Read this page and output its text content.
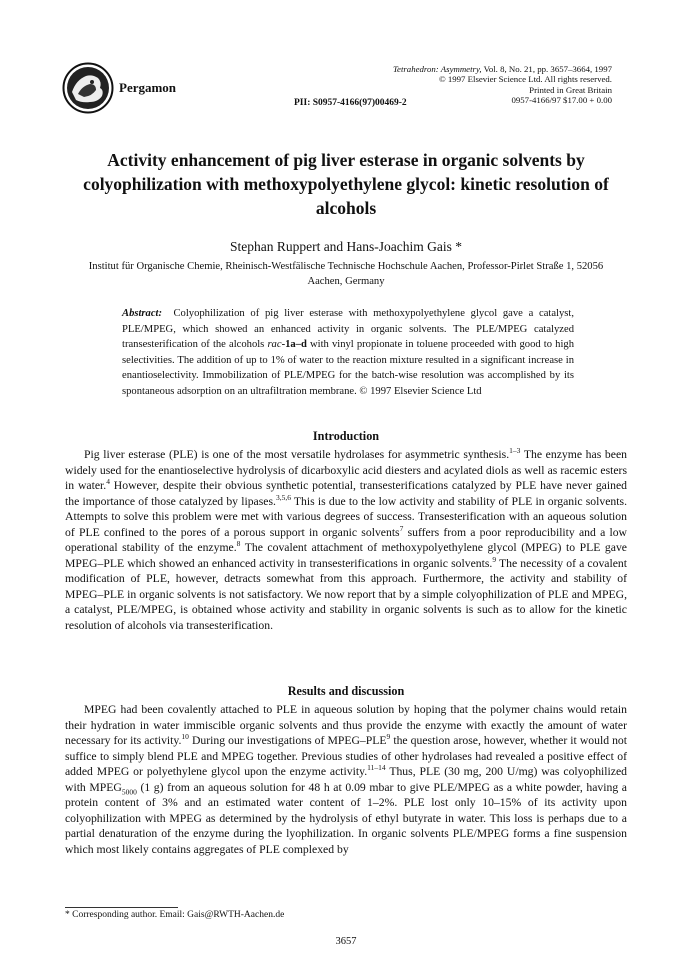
Pergamon
PII: S0957-4166(97)00469-2
Tetrahedron: Asymmetry, Vol. 8, No. 21, pp. 3657–3664, 1997
© 1997 Elsevier Science Ltd. All rights reserved.
Printed in Great Britain
0957-4166/97 $17.00 + 0.00
Activity enhancement of pig liver esterase in organic solvents by colyophilization with methoxypolyethylene glycol: kinetic resolution of alcohols
Stephan Ruppert and Hans-Joachim Gais *
Institut für Organische Chemie, Rheinisch-Westfälische Technische Hochschule Aachen, Professor-Pirlet Straße 1, 52056 Aachen, Germany
Abstract: Colyophilization of pig liver esterase with methoxypolyethylene glycol gave a catalyst, PLE/MPEG, which showed an enhanced activity in organic solvents. The PLE/MPEG catalyzed transesterification of the alcohols rac-1a–d with vinyl propionate in toluene proceeded with good to high selectivities. The addition of up to 1% of water to the reaction mixture resulted in a significant increase in enantioselectivity. Immobilization of PLE/MPEG for the batch-wise resolution was accomplished by its spontaneous adsorption on an ultrafiltration membrane. © 1997 Elsevier Science Ltd
Introduction
Pig liver esterase (PLE) is one of the most versatile hydrolases for asymmetric synthesis.$^{1-3}$ The enzyme has been widely used for the enantioselective hydrolysis of dicarboxylic acid diesters and acylated diols as well as racemic esters in water.$^4$ However, despite their obvious synthetic potential, transesterifications catalyzed by PLE have never gained the importance of those catalyzed by lipases.$^{3,5,6}$ This is due to the low activity and stability of PLE in organic solvents. Attempts to solve this problem were met with various degrees of success. Transesterification with an aqueous solution of PLE confined to the pores of a porous support in organic solvents$^7$ suffers from a poor reproducibility and a low operational stability of the enzyme.$^8$ The covalent attachment of methoxypolyethylene glycol (MPEG) to PLE gave MPEG–PLE which showed an enhanced activity in transesterifications in organic solvents.$^9$ The necessity of a covalent modification of PLE, however, detracts somewhat from this approach. Furthermore, the activity and stability of MPEG–PLE in organic solvents is not satisfactory. We now report that by a simple colyophilization of PLE and MPEG, a catalyst, PLE/MPEG, is obtained whose activity and stability in organic solvents is such as to allow for the kinetic resolution of alcohols via transesterification.
Results and discussion
MPEG had been covalently attached to PLE in aqueous solution by hoping that the polymer chains would retain their hydration in water immiscible organic solvents and thus provide the enzyme with exactly the amount of water necessary for its activity.$^{10}$ During our investigations of MPEG–PLE$^9$ the question arose, however, whether it would not suffice to simply blend PLE and MPEG together. Previous studies of other hydrolases had revealed a positive effect of added MPEG or polyethylene glycol upon the enzyme activity.$^{11-14}$ Thus, PLE (30 mg, 200 U/mg) was colyophilized with $MPEG_{5000}$ (1 g) from an aqueous solution for 48 h at 0.09 mbar to give PLE/MPEG as a white powder, having a protein content of 3% and an estimated water content of 1–2%. PLE lost only 10–15% of its activity upon colyophilization with MPEG as determined by the hydrolysis of ethyl butyrate in water. This loss is perhaps due to a partial denaturation of the enzyme during the lyophilization. In organic solvents PLE/MPEG forms a fine suspension which most likely contains aggregates of PLE complexed by
* Corresponding author. Email: Gais@RWTH-Aachen.de
3657
